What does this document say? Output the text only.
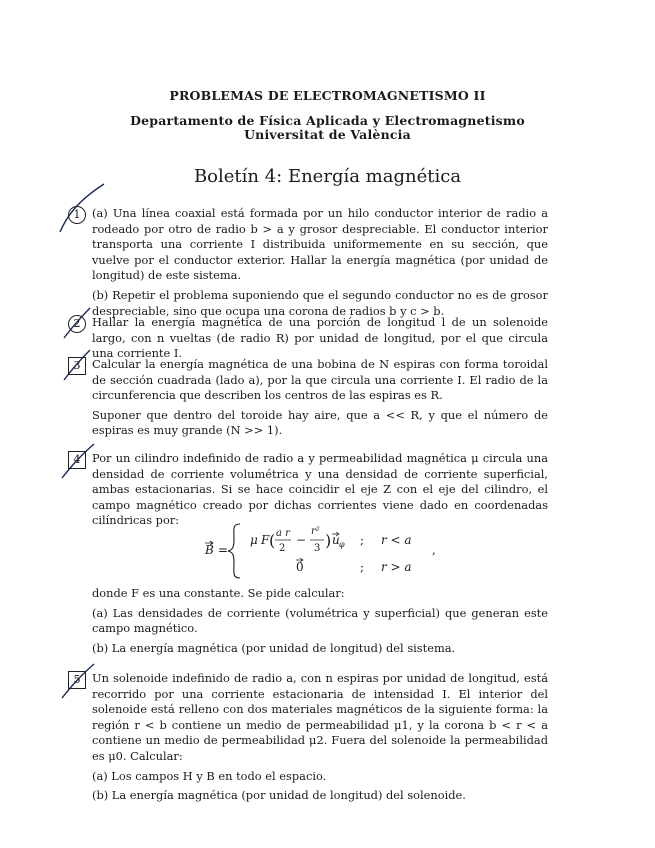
PROBLEMAS DE ELECTROMAGNETISMO II
Departamento de Física Aplicada y Electromagnetismo
Universitat de València
Boletín 4: Energía magnética
1	(a) Una línea coaxial está formada por un hilo conductor interior de radio a rodeado por otro de radio b > a y grosor despreciable. El conductor interior transporta una corriente I distribuida uniformemente en su sección, que vuelve por el conductor exterior. Hallar la energía magnética (por unidad de longitud) de este sistema.

(b) Repetir el problema suponiendo que el segundo conductor no es de grosor despreciable, sino que ocupa una corona de radios b y c > b.

2	Hallar la energía magnética de una porción de longitud l de un solenoide largo, con n vueltas (de radio R) por unidad de longitud, por el que circula una corriente I.

3	Calcular la energía magnética de una bobina de N espiras con forma toroidal de sección cuadrada (lado a), por la que circula una corriente I. El radio de la circunferencia que describen los centros de las espiras es R.

Suponer que dentro del toroide hay aire, que a << R, y que el número de espiras es muy grande (N >> 1).

4	Por un cilindro indefinido de radio a y permeabilidad magnética μ circula una densidad de corriente volumétrica y una densidad de corriente superficial, ambas estacionarias. Si se hace coincidir el eje Z con el eje del cilindro, el campo magnético creado por dichas corrientes viene dado en coordenadas cilíndricas por:

B =
μ F ( a r
2
−
r²
3 ) u φ ; r < a
0	; r > a
,

donde F es una constante. Se pide calcular:

(a) Las densidades de corriente (volumétrica y superficial) que generan este campo magnético.

(b) La energía magnética (por unidad de longitud) del sistema.

5	Un solenoide indefinido de radio a, con n espiras por unidad de longitud, está recorrido por una corriente estacionaria de intensidad I. El interior del solenoide está relleno con dos materiales magnéticos de la siguiente forma: la región r < b contiene un medio de permeabilidad μ1, y la corona b < r < a contiene un medio de permeabilidad μ2. Fuera del solenoide la permeabilidad es μ0. Calcular:

(a) Los campos H y B en todo el espacio.

(b) La energía magnética (por unidad de longitud) del solenoide.
